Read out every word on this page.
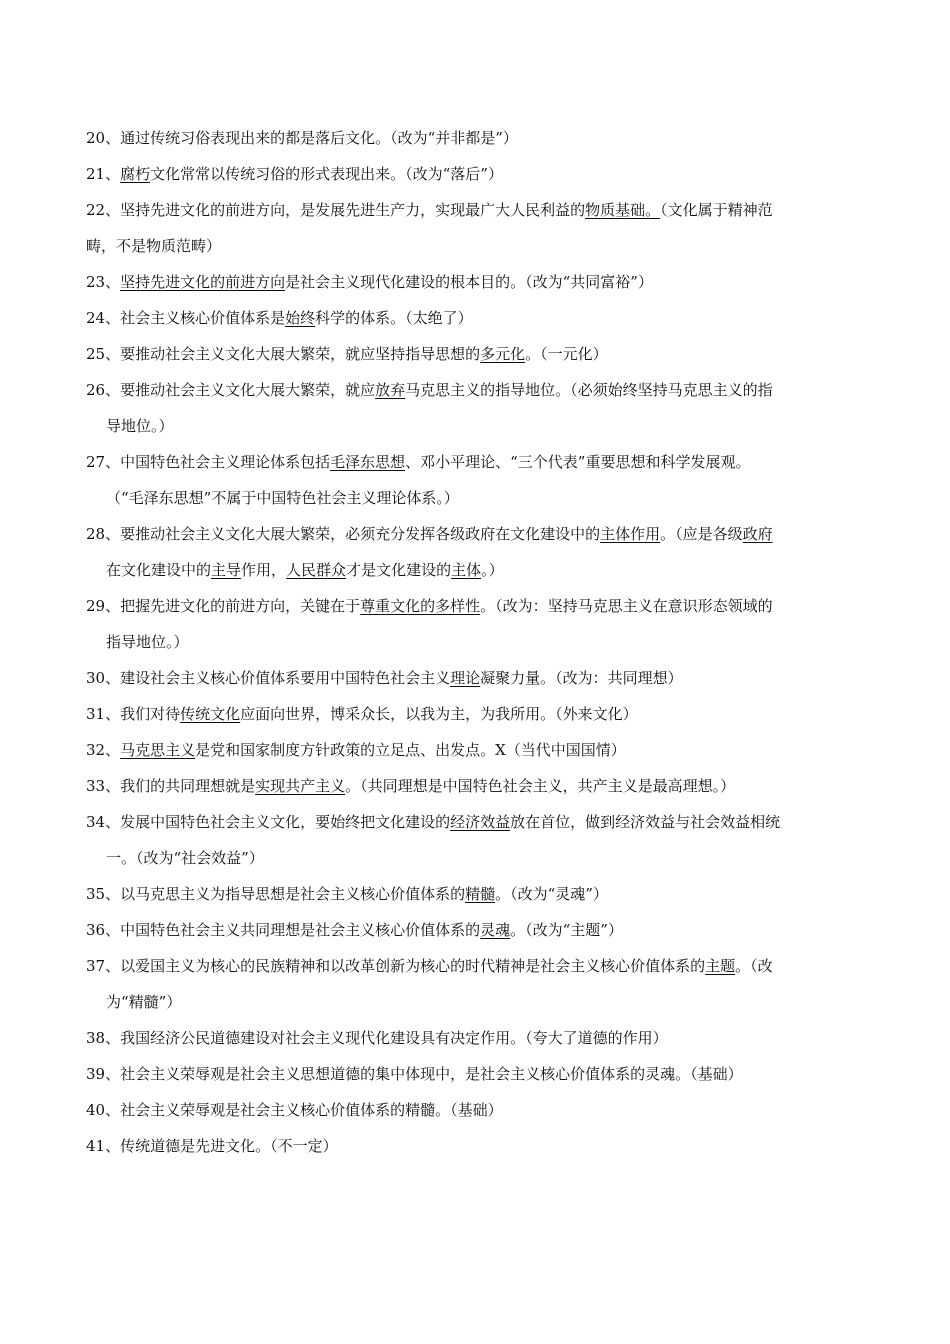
20、通过传统习俗表现出来的都是落后文化。（改为“并非都是”）
21、腐朽文化常常以传统习俗的形式表现出来。（改为“落后”）
22、坚持先进文化的前进方向，是发展先进生产力，实现最广大人民利益的物质基础。（文化属于精神范
畴，不是物质范畴）
23、坚持先进文化的前进方向是社会主义现代化建设的根本目的。（改为“共同富裕”）
24、社会主义核心价值体系是始终科学的体系。（太绝了）
25、要推动社会主义文化大展大繁荣，就应坚持指导思想的多元化。（一元化）
26、要推动社会主义文化大展大繁荣，就应放弃马克思主义的指导地位。（必须始终坚持马克思主义的指
导地位。）
27、中国特色社会主义理论体系包括毛泽东思想、邓小平理论、“三个代表”重要思想和科学发展观。
（“毛泽东思想”不属于中国特色社会主义理论体系。）
28、要推动社会主义文化大展大繁荣，必须充分发挥各级政府在文化建设中的主体作用。（应是各级政府
在文化建设中的主导作用，人民群众才是文化建设的主体。）
29、把握先进文化的前进方向，关键在于尊重文化的多样性。（改为：坚持马克思主义在意识形态领域的
指导地位。）
30、建设社会主义核心价值体系要用中国特色社会主义理论凝聚力量。（改为：共同理想）
31、我们对待传统文化应面向世界，博采众长，以我为主，为我所用。（外来文化）
32、马克思主义是党和国家制度方针政策的立足点、出发点。X（当代中国国情）
33、我们的共同理想就是实现共产主义。（共同理想是中国特色社会主义，共产主义是最高理想。）
34、发展中国特色社会主义文化，要始终把文化建设的经济效益放在首位，做到经济效益与社会效益相统
一。（改为“社会效益”）
35、以马克思主义为指导思想是社会主义核心价值体系的精髓。（改为“灵魂”）
36、中国特色社会主义共同理想是社会主义核心价值体系的灵魂。（改为“主题”）
37、以爱国主义为核心的民族精神和以改革创新为核心的时代精神是社会主义核心价值体系的主题。（改
为“精髓”）
38、我国经济公民道德建设对社会主义现代化建设具有决定作用。（夸大了道德的作用）
39、社会主义荣辱观是社会主义思想道德的集中体现中，是社会主义核心价值体系的灵魂。（基础）
40、社会主义荣辱观是社会主义核心价值体系的精髓。（基础）
41、传统道德是先进文化。（不一定）
